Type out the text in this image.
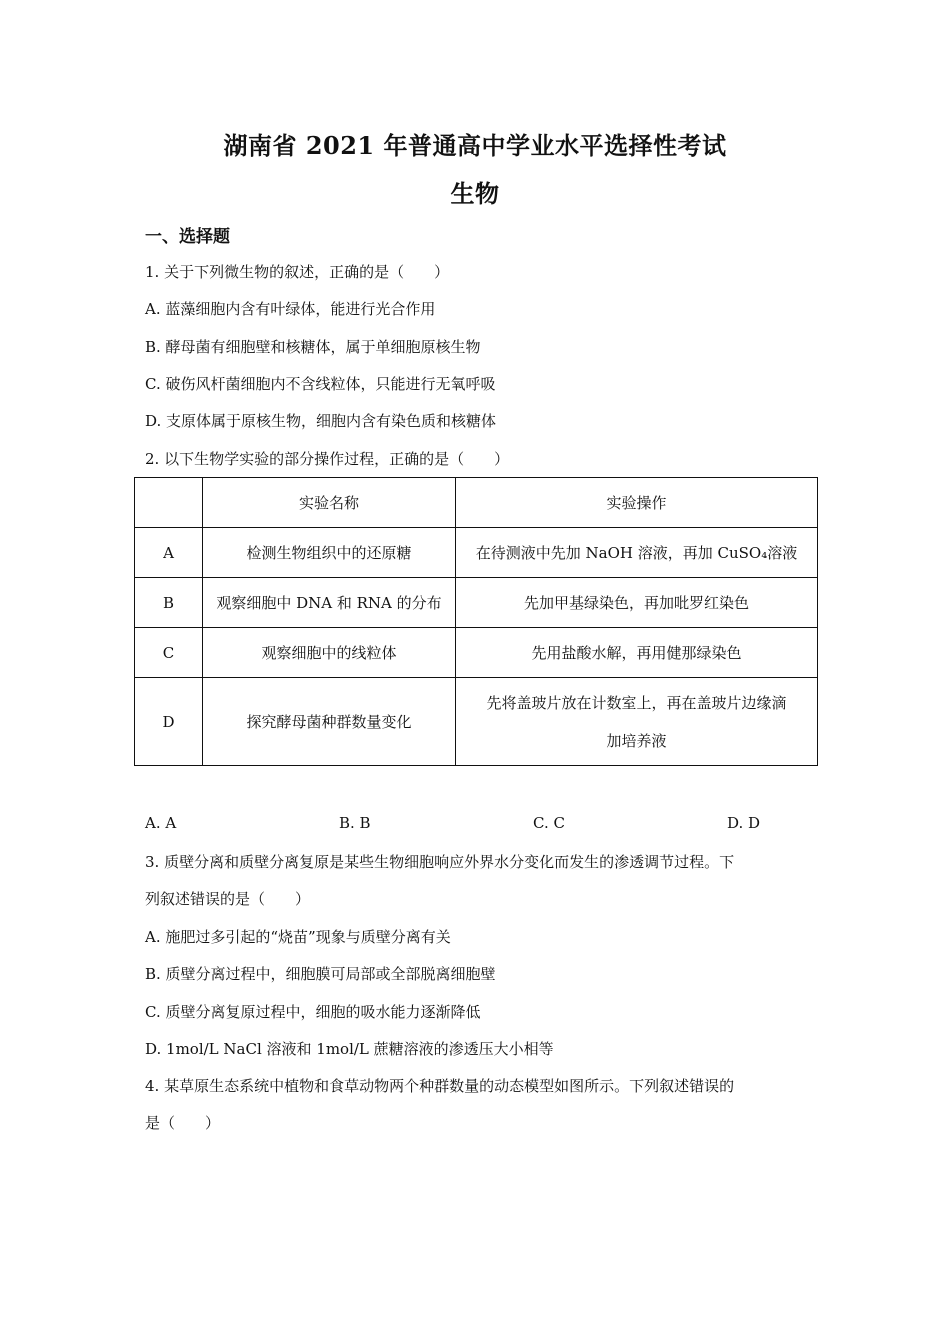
湖南省 2021 年普通高中学业水平选择性考试
生物
一、选择题
1. 关于下列微生物的叙述，正确的是（　　）
A. 蓝藻细胞内含有叶绿体，能进行光合作用
B. 酵母菌有细胞壁和核糖体，属于单细胞原核生物
C. 破伤风杆菌细胞内不含线粒体，只能进行无氧呼吸
D. 支原体属于原核生物，细胞内含有染色质和核糖体
2. 以下生物学实验的部分操作过程，正确的是（　　）
	实验名称	实验操作
A	检测生物组织中的还原糖	在待测液中先加 NaOH 溶液，再加 CuSO₄溶液
B	观察细胞中 DNA 和 RNA 的分布	先加甲基绿染色，再加吡罗红染色
C	观察细胞中的线粒体	先用盐酸水解，再用健那绿染色
D	探究酵母菌种群数量变化	先将盖玻片放在计数室上，再在盖玻片边缘滴
加培养液
A. A	B. B	C. C	D. D
3. 质壁分离和质壁分离复原是某些生物细胞响应外界水分变化而发生的渗透调节过程。下
列叙述错误的是（　　）
A. 施肥过多引起的“烧苗”现象与质壁分离有关
B. 质壁分离过程中，细胞膜可局部或全部脱离细胞壁
C. 质壁分离复原过程中，细胞的吸水能力逐渐降低
D. 1mol/L NaCl 溶液和 1mol/L 蔗糖溶液的渗透压大小相等
4. 某草原生态系统中植物和食草动物两个种群数量的动态模型如图所示。下列叙述错误的
是（　　）
